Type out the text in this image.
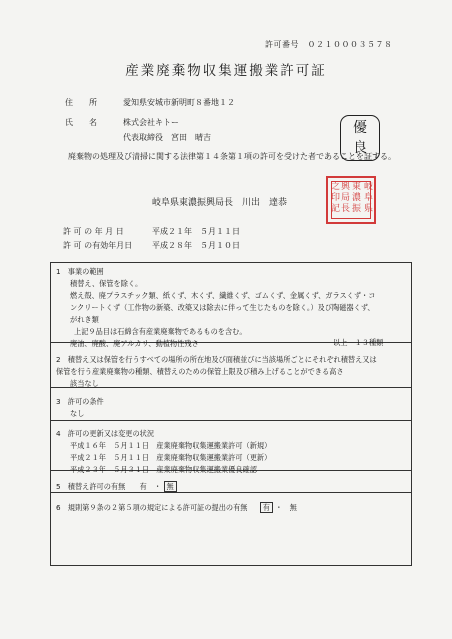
許可番号　０２１０００３５７８
産業廃棄物収集運搬業許可証
住　　所	愛知県安城市新明町８番地１２
氏　　名	株式会社キトー
代表取締役　宮田　晴吉
優
良
廃棄物の処理及び清掃に関する法律第１４条第１項の許可を受けた者であることを証する。
岐阜県東濃振興局長　川出　達恭
岐
阜
県
東
濃
振
興
局
長
之
印
記
許 可 の 年 月 日	平成２１年　５月１１日
許 可 の有効年月日 平成２８年　５月１０日
1　事業の範囲
積替え、保管を除く。
燃え殻、廃プラスチック類、紙くず、木くず、繊維くず、ゴムくず、金属くず、ガラスくず・コ
ンクリートくず（工作物の新築、改築又は除去に伴って生じたものを除く。）及び陶磁器くず、
がれき類
上記９品目は石綿含有産業廃棄物であるものを含む。
廃油、廃酸、廃アルカリ、動植物性残さ	以上　１３種類
2　積替え又は保管を行うすべての場所の所在地及び面積並びに当該場所ごとにそれぞれ積替え又は
保管を行う産業廃棄物の種類、積替えのための保管上限及び積み上げることができる高さ
該当なし
3　許可の条件
なし
4　許可の更新又は変更の状況
平成１６年　５月１１日　産業廃棄物収集運搬業許可（新規）
平成２１年　５月１１日　産業廃棄物収集運搬業許可（更新）
平成２３年　５月３１日　産業廃棄物収集運搬業優良確認
5　積替え許可の有無　　有　・ 無
6　規則第９条の２第５項の規定による許可証の提出の有無 有 ・　無
